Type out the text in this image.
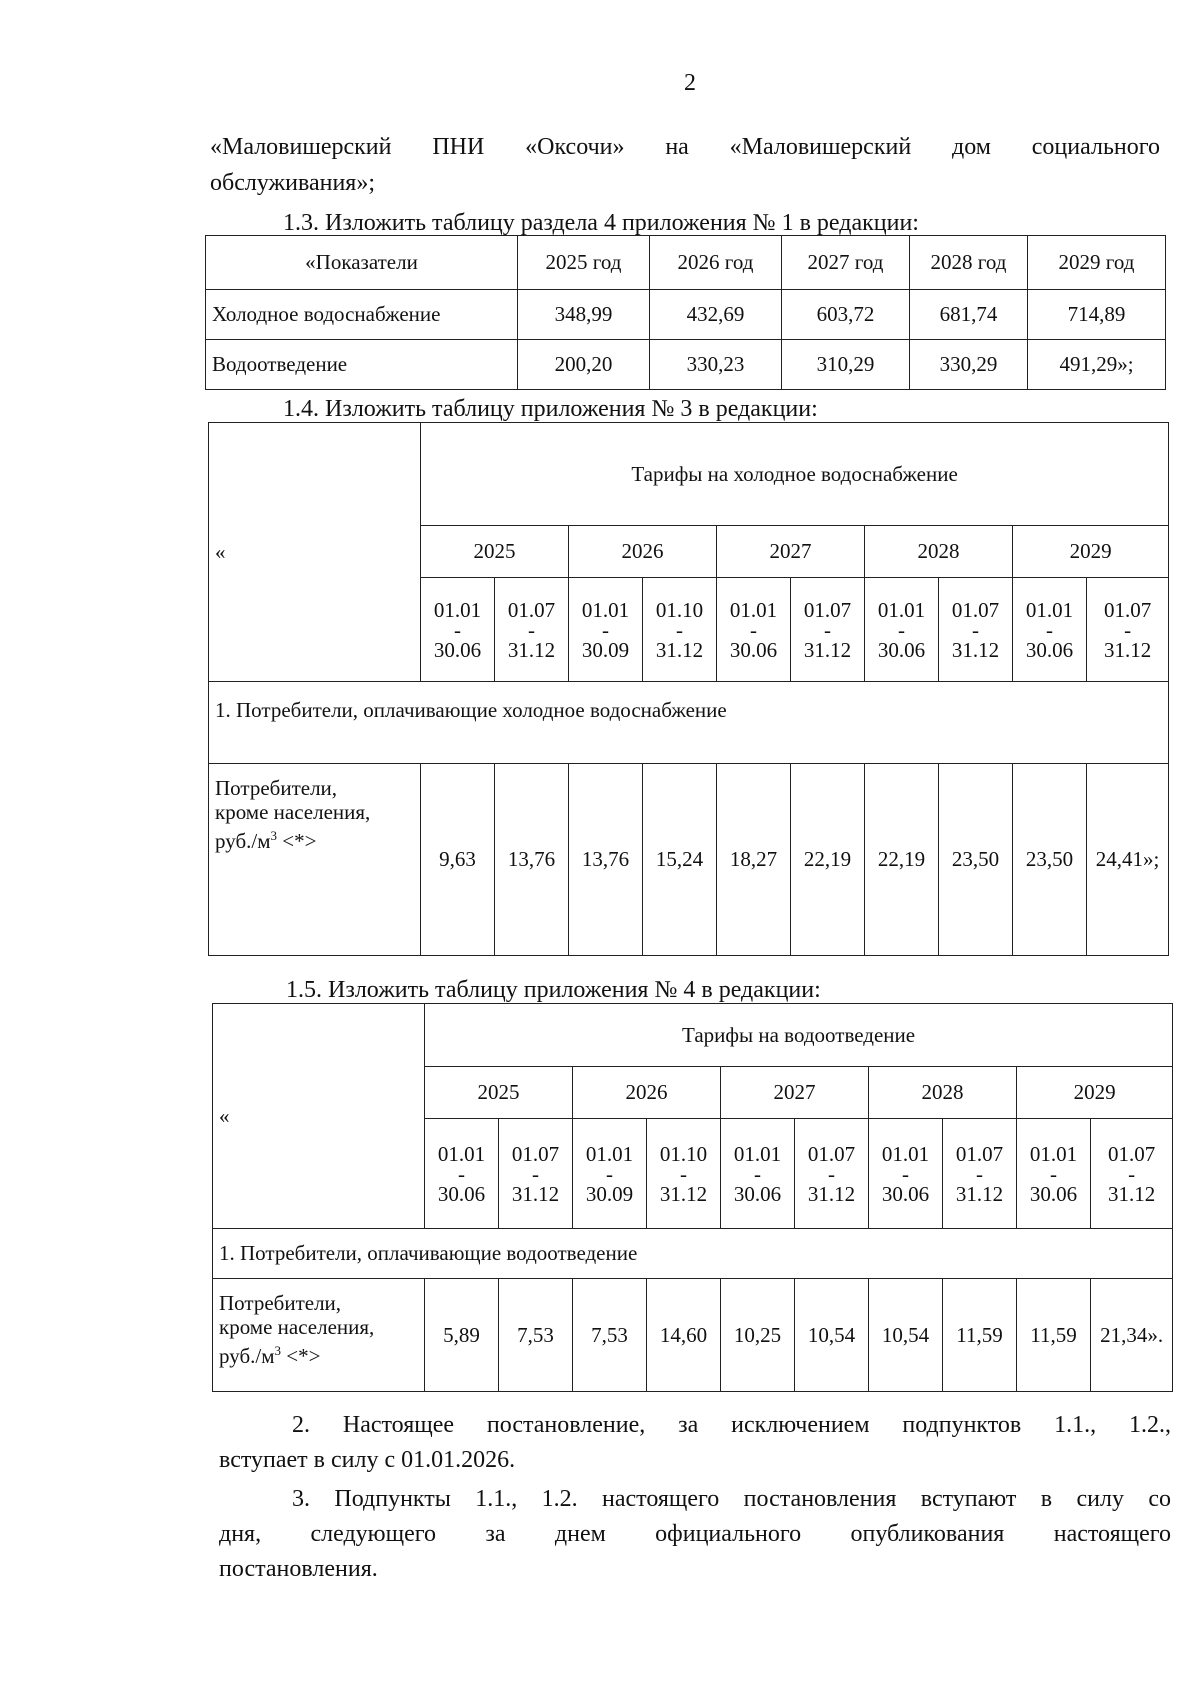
2
«Маловишерский ПНИ «Оксочи» на «Маловишерский дом социального
обслуживания»;
1.3. Изложить таблицу раздела 4 приложения № 1 в редакции:
«Показатели	2025 год	2026 год	2027 год	2028 год	2029 год
Холодное водоснабжение	348,99	432,69	603,72	681,74	714,89
Водоотведение	200,20	330,23	310,29	330,29	491,29»;
1.4. Изложить таблицу приложения № 3 в редакции:
«	Тарифы на холодное водоснабжение									
	2025		2026		2027		2028		2029	
	01.01
-
30.06	01.07
-
31.12	01.01
-
30.09	01.10
-
31.12	01.01
-
30.06	01.07
-
31.12	01.01
-
30.06	01.07
-
31.12	01.01
-
30.06	01.07
-
31.12
1. Потребители, оплачивающие холодное водоснабжение										
Потребители,
кроме населения,
$руб./м^3$ <*>	9,63	13,76	13,76	15,24	18,27	22,19	22,19	23,50	23,50	24,41»;
1.5. Изложить таблицу приложения № 4 в редакции:
«	Тарифы на водоотведение									
	2025		2026		2027		2028		2029	
	01.01
-
30.06	01.07
-
31.12	01.01
-
30.09	01.10
-
31.12	01.01
-
30.06	01.07
-
31.12	01.01
-
30.06	01.07
-
31.12	01.01
-
30.06	01.07
-
31.12
1. Потребители, оплачивающие водоотведение										
Потребители,
кроме населения,
$руб./м^3$ <*>	5,89	7,53	7,53	14,60	10,25	10,54	10,54	11,59	11,59	21,34».
2. Настоящее постановление, за исключением подпунктов 1.1., 1.2.,
вступает в силу с 01.01.2026.
3. Подпункты 1.1., 1.2. настоящего постановления вступают в силу со
дня, следующего за днем официального опубликования настоящего
постановления.
